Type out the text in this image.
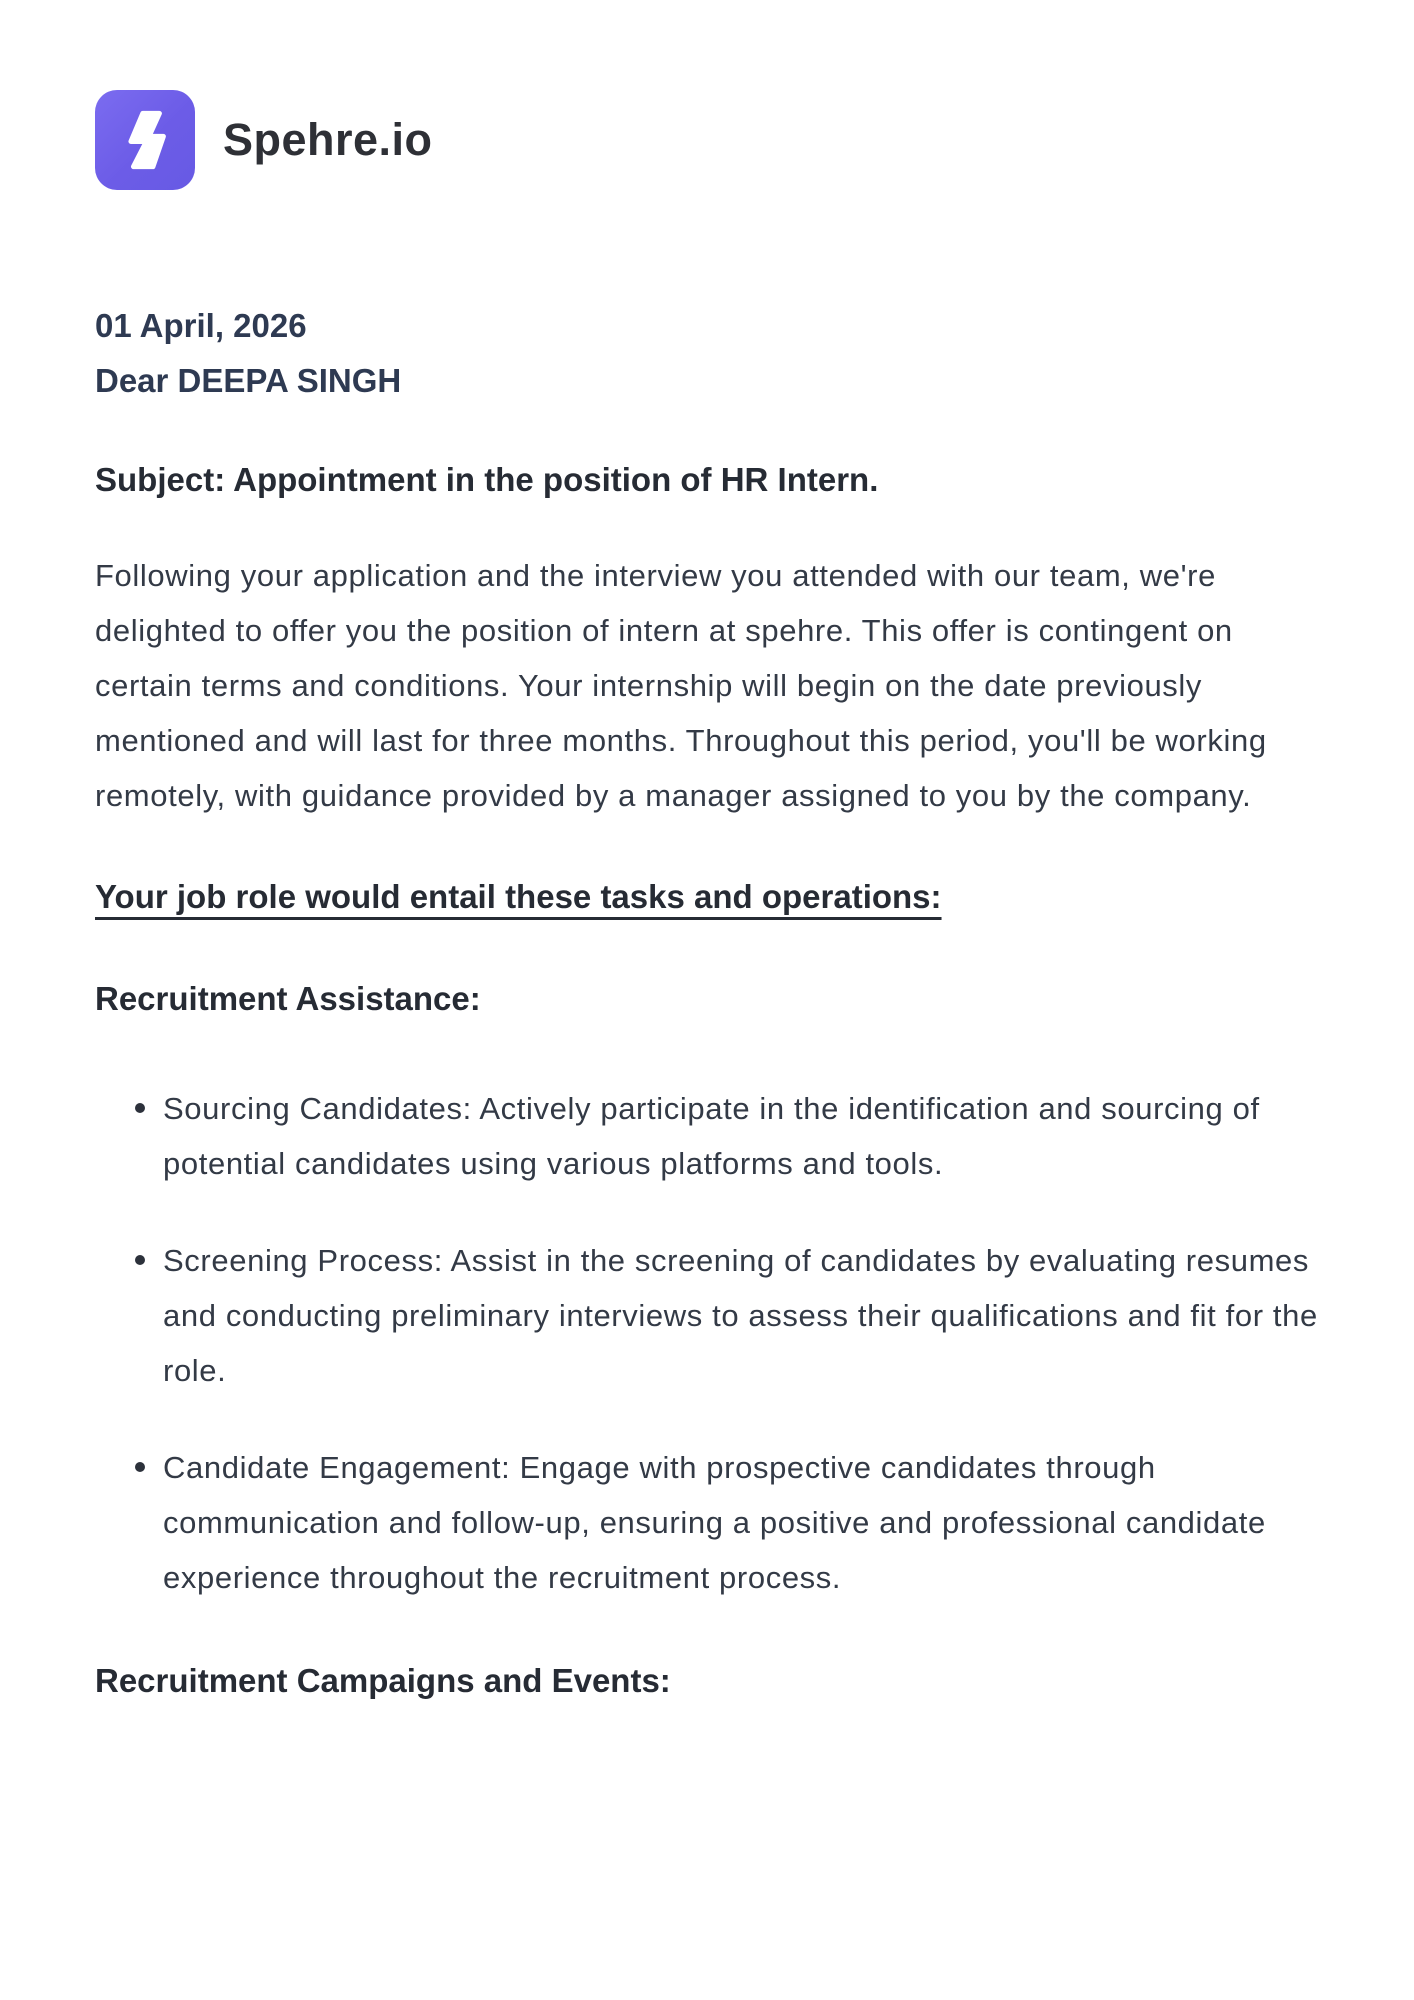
Spehre.io
01 April, 2026
Dear DEEPA SINGH
Subject: Appointment in the position of HR Intern.

Following your application and the interview you attended with our team, we're delighted to offer you the position of intern at spehre. This offer is contingent on certain terms and conditions. Your internship will begin on the date previously mentioned and will last for three months. Throughout this period, you'll be working remotely, with guidance provided by a manager assigned to you by the company.

Your job role would entail these tasks and operations:
Recruitment Assistance:
Sourcing Candidates: Actively participate in the identification and sourcing of potential candidates using various platforms and tools.
Screening Process: Assist in the screening of candidates by evaluating resumes and conducting preliminary interviews to assess their qualifications and fit for the role.
Candidate Engagement: Engage with prospective candidates through communication and follow-up, ensuring a positive and professional candidate experience throughout the recruitment process.
Recruitment Campaigns and Events:
